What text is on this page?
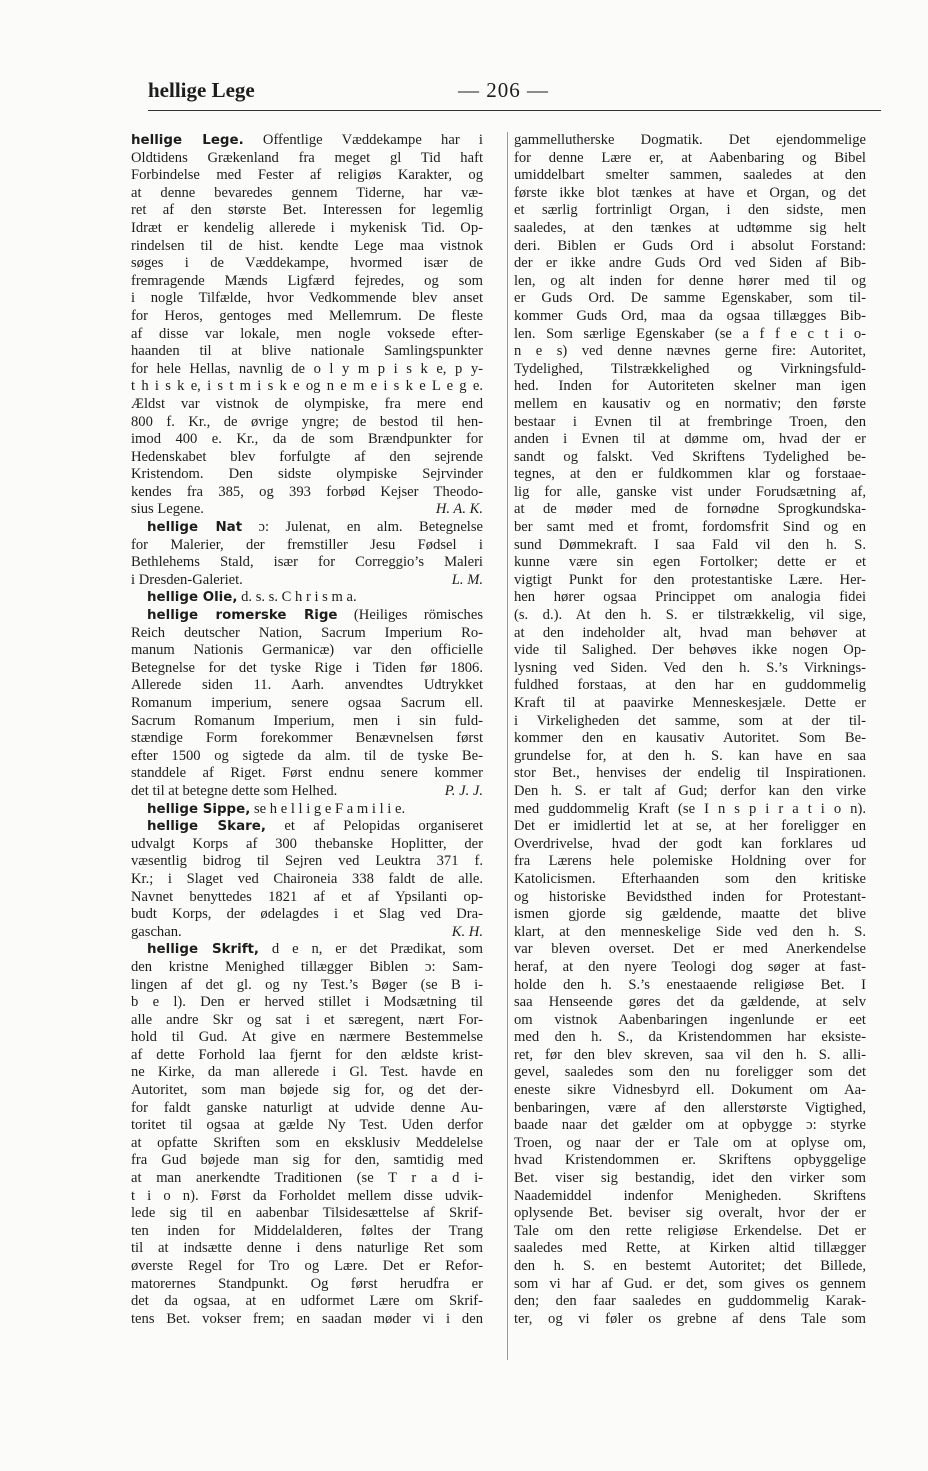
hellige Lege	— 206 —
hellige Lege. Offentlige Væddekampe har i
Oldtidens Grækenland fra meget gl Tid haft
Forbindelse med Fester af religiøs Karakter, og
at denne bevaredes gennem Tiderne, har væ-
ret af den største Bet. Interessen for legemlig
Idræt er kendelig allerede i mykenisk Tid. Op-
rindelsen til de hist. kendte Lege maa vistnok
søges i de Væddekampe, hvormed især de
fremragende Mænds Ligfærd fejredes, og som
i nogle Tilfælde, hvor Vedkommende blev anset
for Heros, gentoges med Mellemrum. De fleste
af disse var lokale, men nogle voksede efter-
haanden til at blive nationale Samlingspunkter
for hele Hellas, navnlig de o l y m p i s k e, p y-
t h i s k e, i s t m i s k e og n e m e i s k e L e g e.
Ældst var vistnok de olympiske, fra mere end
800 f. Kr., de øvrige yngre; de bestod til hen-
imod 400 e. Kr., da de som Brændpunkter for
Hedenskabet blev forfulgte af den sejrende
Kristendom. Den sidste olympiske Sejrvinder
kendes fra 385, og 393 forbød Kejser Theodo-
sius Legene.	H. A. K.
hellige Nat ɔ: Julenat, en alm. Betegnelse
for Malerier, der fremstiller Jesu Fødsel i
Bethlehems Stald, især for Correggio’s Maleri
i Dresden-Galeriet.	L. M.
hellige Olie, d. s. s. C h r i s m a.
hellige romerske Rige (Heiliges römisches
Reich deutscher Nation, Sacrum Imperium Ro-
manum Nationis Germanicæ) var den officielle
Betegnelse for det tyske Rige i Tiden før 1806.
Allerede siden 11. Aarh. anvendtes Udtrykket
Romanum imperium, senere ogsaa Sacrum ell.
Sacrum Romanum Imperium, men i sin fuld-
stændige Form forekommer Benævnelsen først
efter 1500 og sigtede da alm. til de tyske Be-
standdele af Riget. Først endnu senere kommer
det til at betegne dette som Helhed.	P. J. J.
hellige Sippe, se h e l l i g e F a m i l i e.
hellige Skare, et af Pelopidas organiseret
udvalgt Korps af 300 thebanske Hoplitter, der
væsentlig bidrog til Sejren ved Leuktra 371 f.
Kr.; i Slaget ved Chaironeia 338 faldt de alle.
Navnet benyttedes 1821 af et af Ypsilanti op-
budt Korps, der ødelagdes i et Slag ved Dra-
gaschan.	K. H.
hellige Skrift, d e n, er det Prædikat, som
den kristne Menighed tillægger Biblen ɔ: Sam-
lingen af det gl. og ny Test.’s Bøger (se B i-
b e l). Den er herved stillet i Modsætning til
alle andre Skr og sat i et særegent, nært For-
hold til Gud. At give en nærmere Bestemmelse
af dette Forhold laa fjernt for den ældste krist-
ne Kirke, da man allerede i Gl. Test. havde en
Autoritet, som man bøjede sig for, og det der-
for faldt ganske naturligt at udvide denne Au-
toritet til ogsaa at gælde Ny Test. Uden derfor
at opfatte Skriften som en eksklusiv Meddelelse
fra Gud bøjede man sig for den, samtidig med
at man anerkendte Traditionen (se T r a d i-
t i o n). Først da Forholdet mellem disse udvik-
lede sig til en aabenbar Tilsidesættelse af Skrif-
ten inden for Middelalderen, føltes der Trang
til at indsætte denne i dens naturlige Ret som
øverste Regel for Tro og Lære. Det er Refor-
matorernes Standpunkt. Og først herudfra er
det da ogsaa, at en udformet Lære om Skrif-
tens Bet. vokser frem; en saadan møder vi i den
gammellutherske Dogmatik. Det ejendommelige
for denne Lære er, at Aabenbaring og Bibel
umiddelbart smelter sammen, saaledes at den
første ikke blot tænkes at have et Organ, og det
et særlig fortrinligt Organ, i den sidste, men
saaledes, at den tænkes at udtømme sig helt
deri. Biblen er Guds Ord i absolut Forstand:
der er ikke andre Guds Ord ved Siden af Bib-
len, og alt inden for denne hører med til og
er Guds Ord. De samme Egenskaber, som til-
kommer Guds Ord, maa da ogsaa tillægges Bib-
len. Som særlige Egenskaber (se a f f e c t i o-
n e s) ved denne nævnes gerne fire: Autoritet,
Tydelighed, Tilstrækkelighed og Virkningsfuld-
hed. Inden for Autoriteten skelner man igen
mellem en kausativ og en normativ; den første
bestaar i Evnen til at frembringe Troen, den
anden i Evnen til at dømme om, hvad der er
sandt og falskt. Ved Skriftens Tydelighed be-
tegnes, at den er fuldkommen klar og forstaae-
lig for alle, ganske vist under Forudsætning af,
at de møder med de fornødne Sprogkundska-
ber samt med et fromt, fordomsfrit Sind og en
sund Dømmekraft. I saa Fald vil den h. S.
kunne være sin egen Fortolker; dette er et
vigtigt Punkt for den protestantiske Lære. Her-
hen hører ogsaa Princippet om analogia fidei
(s. d.). At den h. S. er tilstrækkelig, vil sige,
at den indeholder alt, hvad man behøver at
vide til Salighed. Der behøves ikke nogen Op-
lysning ved Siden. Ved den h. S.’s Virknings-
fuldhed forstaas, at den har en guddommelig
Kraft til at paavirke Menneskesjæle. Dette er
i Virkeligheden det samme, som at der til-
kommer den en kausativ Autoritet. Som Be-
grundelse for, at den h. S. kan have en saa
stor Bet., henvises der endelig til Inspirationen.
Den h. S. er talt af Gud; derfor kan den virke
med guddommelig Kraft (se I n s p i r a t i o n).
Det er imidlertid let at se, at her foreligger en
Overdrivelse, hvad der godt kan forklares ud
fra Lærens hele polemiske Holdning over for
Katolicismen. Efterhaanden som den kritiske
og historiske Bevidsthed inden for Protestant-
ismen gjorde sig gældende, maatte det blive
klart, at den menneskelige Side ved den h. S.
var bleven overset. Det er med Anerkendelse
heraf, at den nyere Teologi dog søger at fast-
holde den h. S.’s enestaaende religiøse Bet. I
saa Henseende gøres det da gældende, at selv
om vistnok Aabenbaringen ingenlunde er eet
med den h. S., da Kristendommen har eksiste-
ret, før den blev skreven, saa vil den h. S. alli-
gevel, saaledes som den nu foreligger som det
eneste sikre Vidnesbyrd ell. Dokument om Aa-
benbaringen, være af den allerstørste Vigtighed,
baade naar det gælder om at opbygge ɔ: styrke
Troen, og naar der er Tale om at oplyse om,
hvad Kristendommen er. Skriftens opbyggelige
Bet. viser sig bestandig, idet den virker som
Naademiddel indenfor Menigheden. Skriftens
oplysende Bet. beviser sig overalt, hvor der er
Tale om den rette religiøse Erkendelse. Det er
saaledes med Rette, at Kirken altid tillægger
den h. S. en bestemt Autoritet; det Billede,
som vi har af Gud. er det, som gives os gennem
den; den faar saaledes en guddommelig Karak-
ter, og vi føler os grebne af dens Tale som
